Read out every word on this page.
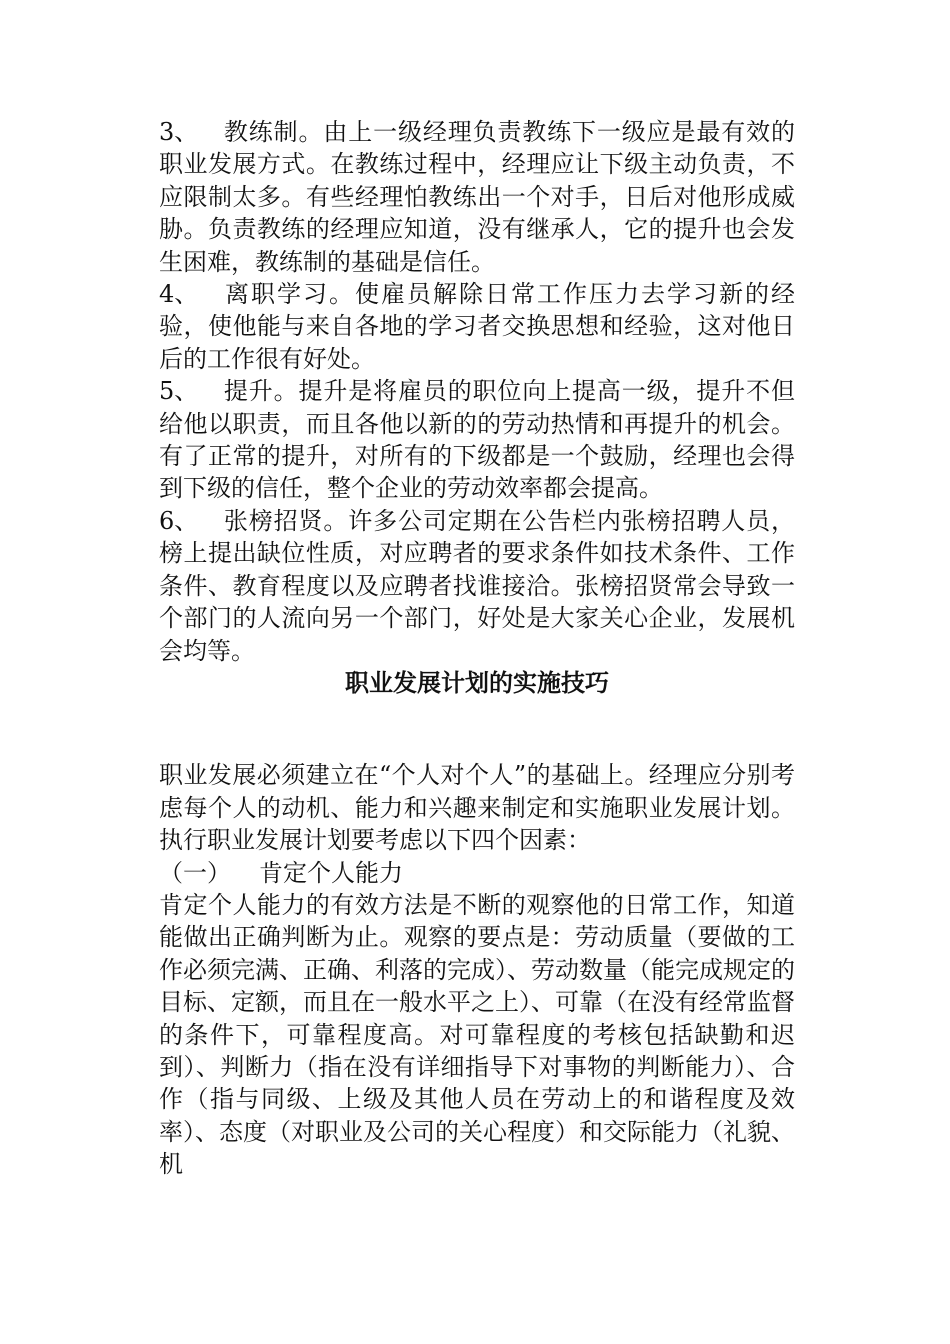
3、 教练制。由上一级经理负责教练下一级应是最有效的职业发展方式。在教练过程中，经理应让下级主动负责，不应限制太多。有些经理怕教练出一个对手，日后对他形成威胁。负责教练的经理应知道，没有继承人，它的提升也会发生困难，教练制的基础是信任。

4、 离职学习。使雇员解除日常工作压力去学习新的经验，使他能与来自各地的学习者交换思想和经验，这对他日后的工作很有好处。

5、 提升。提升是将雇员的职位向上提高一级，提升不但给他以职责，而且各他以新的的劳动热情和再提升的机会。有了正常的提升，对所有的下级都是一个鼓励，经理也会得到下级的信任，整个企业的劳动效率都会提高。

6、 张榜招贤。许多公司定期在公告栏内张榜招聘人员，榜上提出缺位性质，对应聘者的要求条件如技术条件、工作条件、教育程度以及应聘者找谁接洽。张榜招贤常会导致一个部门的人流向另一个部门，好处是大家关心企业，发展机会均等。

职业发展计划的实施技巧

职业发展必须建立在“个人对个人”的基础上。经理应分别考虑每个人的动机、能力和兴趣来制定和实施职业发展计划。执行职业发展计划要考虑以下四个因素：

（一） 肯定个人能力

肯定个人能力的有效方法是不断的观察他的日常工作，知道能做出正确判断为止。观察的要点是：劳动质量（要做的工作必须完满、正确、利落的完成）、劳动数量（能完成规定的目标、定额，而且在一般水平之上）、可靠（在没有经常监督的条件下，可靠程度高。对可靠程度的考核包括缺勤和迟到）、判断力（指在没有详细指导下对事物的判断能力）、合作（指与同级、上级及其他人员在劳动上的和谐程度及效率）、态度（对职业及公司的关心程度）和交际能力（礼貌、机
